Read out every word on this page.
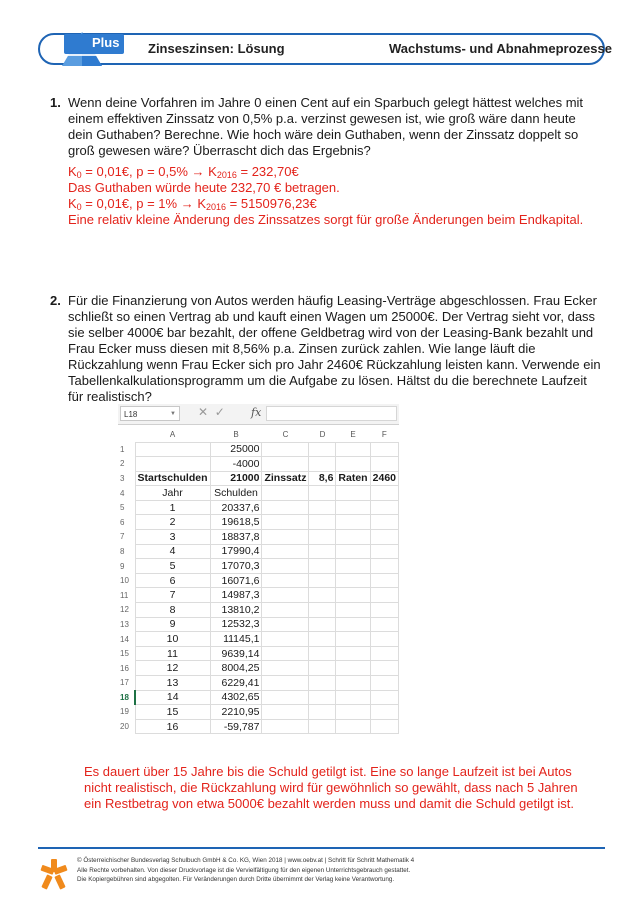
Plus Zinseszinsen: Lösung	Wachstums- und Abnahmeprozesse
1. Wenn deine Vorfahren im Jahre 0 einen Cent auf ein Sparbuch gelegt hättest welches mit
einem effektiven Zinssatz von 0,5% p.a. verzinst gewesen ist, wie groß wäre dann heute
dein Guthaben? Berechne. Wie hoch wäre dein Guthaben, wenn der Zinssatz doppelt so
groß gewesen wäre? Überrascht dich das Ergebnis?
$K_0$ = 0,01€, $p = 0,5\% \to K_{2016}$ = 232,70€
Das Guthaben würde heute 232,70 € betragen.
$K_0$ = 0,01€, $p = 1\% \to K_{2016}$ = 5150976,23€
Eine relativ kleine Änderung des Zinssatzes sorgt für große Änderungen beim Endkapital.
2. Für die Finanzierung von Autos werden häufig Leasing-Verträge abgeschlossen. Frau Ecker
schließt so einen Vertrag ab und kauft einen Wagen um 25000€. Der Vertrag sieht vor, dass
sie selber 4000€ bar bezahlt, der offene Geldbetrag wird von der Leasing-Bank bezahlt und
Frau Ecker muss diesen mit 8,56% p.a. Zinsen zurück zahlen. Wie lange läuft die
Rückzahlung wenn Frau Ecker sich pro Jahr 2460€ Rückzahlung leisten kann. Verwende ein
Tabellenkalkulationsprogramm um die Aufgabe zu lösen. Hältst du die berechnete Laufzeit
für realistisch?
L18	▼ ✕ ✓ fx
	A	B	C	D	E	F
1		25000				
2		-4000				
3	Startschulden	21000	Zinssatz	8,6	Raten	2460
4	Jahr	Schulden				
5	1	20337,6				
6	2	19618,5				
7	3	18837,8				
8	4	17990,4				
9	5	17070,3				
10	6	16071,6				
11	7	14987,3				
12	8	13810,2				
13	9	12532,3				
14	10	11145,1				
15	11	9639,14				
16	12	8004,25				
17	13	6229,41				
18	14	4302,65				
19	15	2210,95				
20	16	-59,787				
Es dauert über 15 Jahre bis die Schuld getilgt ist. Eine so lange Laufzeit ist bei Autos
nicht realistisch, die Rückzahlung wird für gewöhnlich so gewählt, dass nach 5 Jahren
ein Restbetrag von etwa 5000€ bezahlt werden muss und damit die Schuld getilgt ist.
© Österreichischer Bundesverlag Schulbuch GmbH & Co. KG, Wien 2018 | www.oebv.at | Schritt für Schritt Mathematik 4
Alle Rechte vorbehalten. Von dieser Druckvorlage ist die Vervielfältigung für den eigenen Unterrichtsgebrauch gestattet.
Die Kopiergebühren sind abgegolten. Für Veränderungen durch Dritte übernimmt der Verlag keine Verantwortung.
